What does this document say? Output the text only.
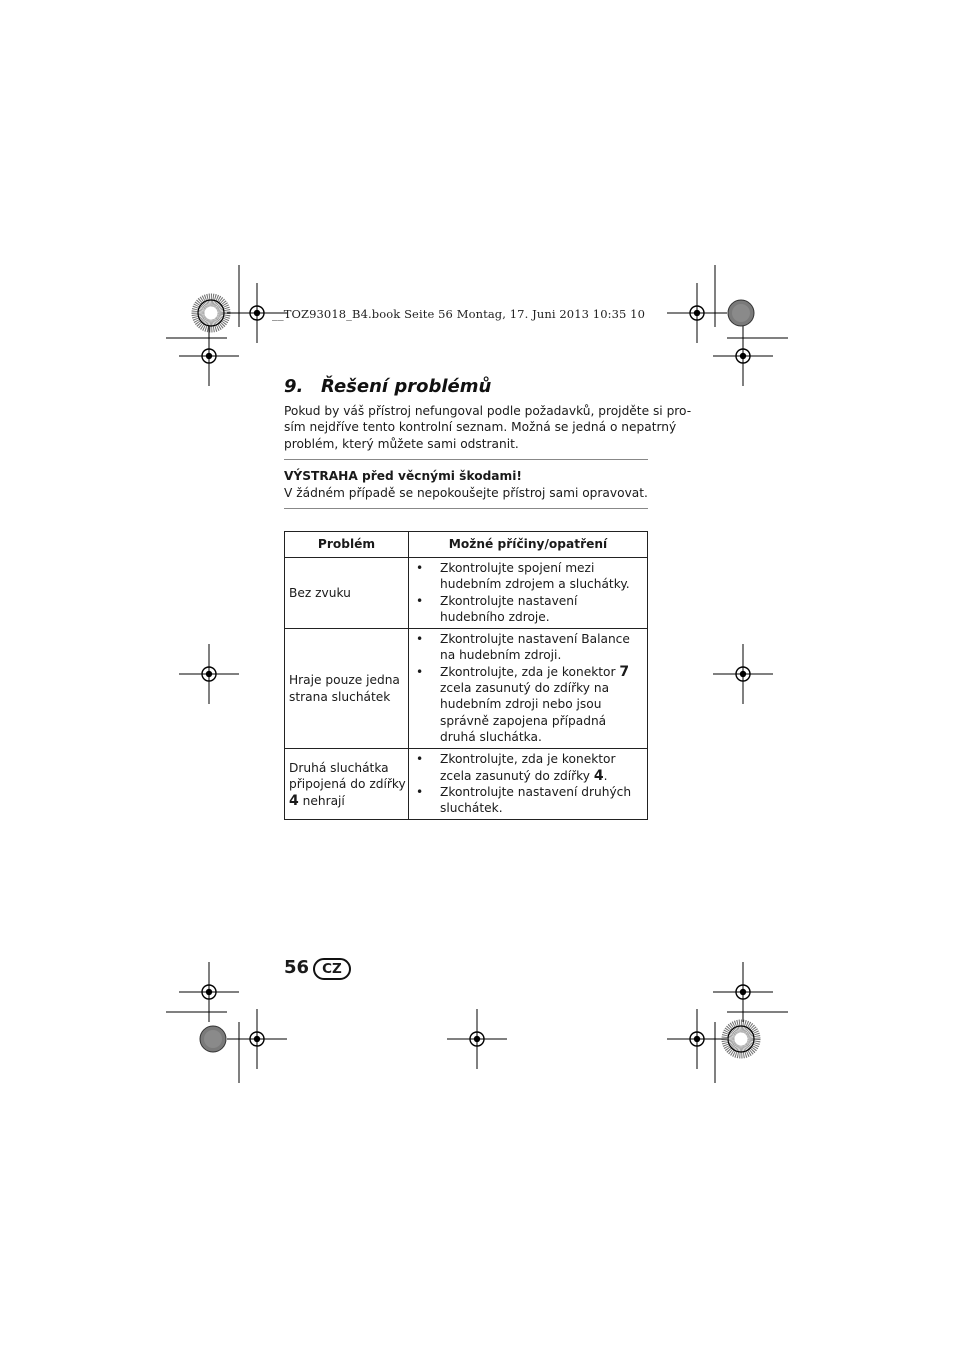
__TOZ93018_B4.book Seite 56 Montag, 17. Juni 2013 10:35 10
9. Řešení problémů
Pokud by váš přístroj nefungoval podle požadavků, projděte si pro-
sím nejdříve tento kontrolní seznam. Možná se jedná o nepatrný
problém, který můžete sami odstranit.
VÝSTRAHA před věcnými škodami!
V žádném případě se nepokoušejte přístroj sami opravovat.
Problém	Možné příčiny/opatření
Bez zvuku	• Zkontrolujte spojení mezi hudebním zdrojem a sluchátky.
• Zkontrolujte nastavení hudebního zdroje.

Hraje pouze jedna strana sluchátek	• Zkontrolujte nastavení Balance na hudebním zdroji.
• Zkontrolujte, zda je konektor 7 zcela zasunutý do zdířky na hudebním zdroji nebo jsou správně zapojena případná druhá sluchátka.

Druhá sluchátka připojená do zdířky 4 nehrají	• Zkontrolujte, zda je konektor zcela zasunutý do zdířky 4.
• Zkontrolujte nastavení druhých sluchátek.
56 CZ
